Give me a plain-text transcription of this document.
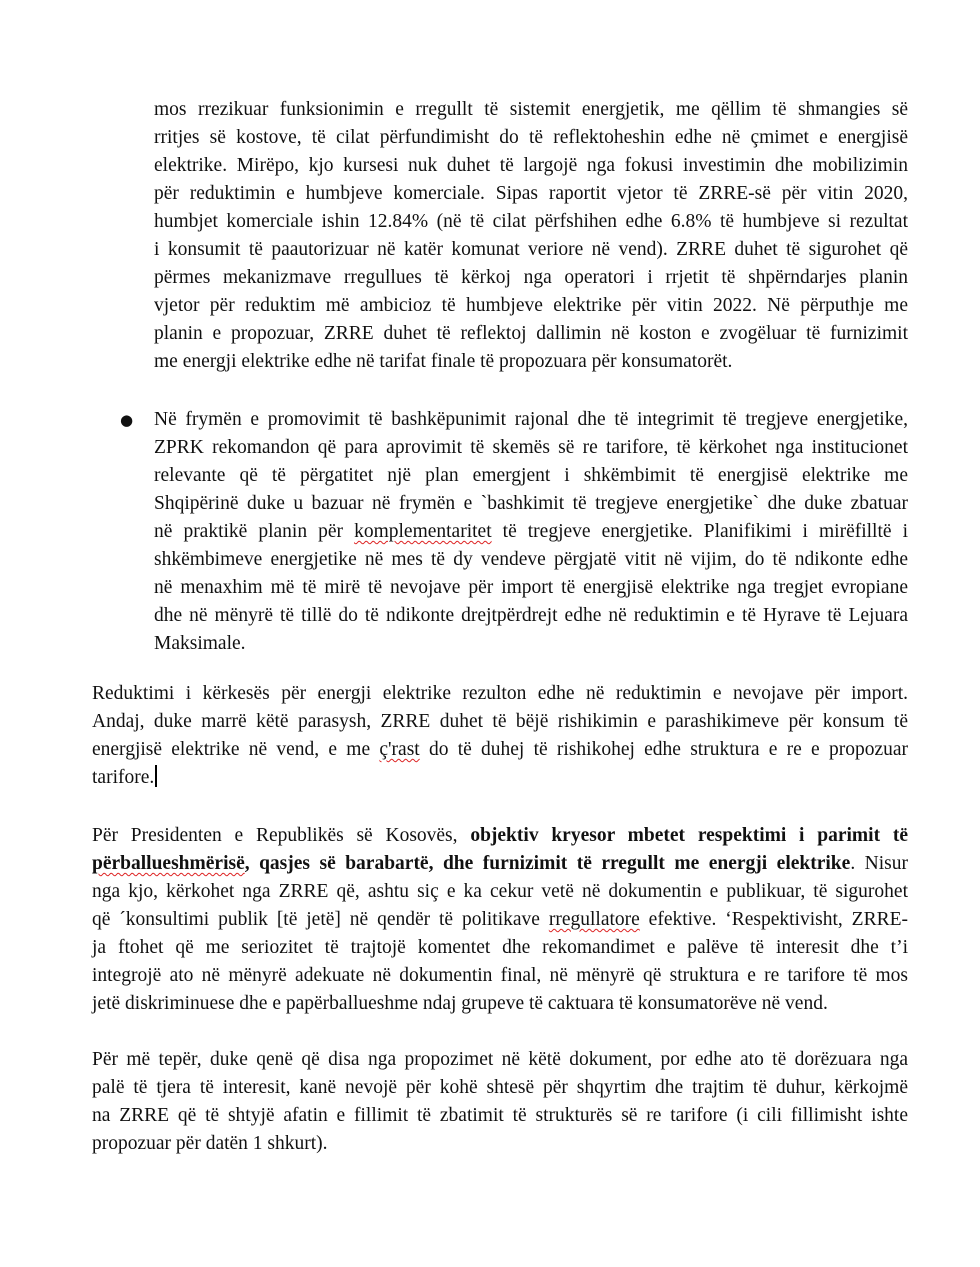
mos rrezikuar funksionimin e rregullt të sistemit energjetik, me qëllim të shmangies së
rritjes së kostove, të cilat përfundimisht do të reflektoheshin edhe në çmimet e energjisë
elektrike. Mirëpo, kjo kursesi nuk duhet të largojë nga fokusi investimin dhe mobilizimin
për reduktimin e humbjeve komerciale. Sipas raportit vjetor të ZRRE-së për vitin 2020,
humbjet komerciale ishin 12.84% (në të cilat përfshihen edhe 6.8% të humbjeve si rezultat
i konsumit të paautorizuar në katër komunat veriore në vend). ZRRE duhet të sigurohet që
përmes mekanizmave rregullues të kërkoj nga operatori i rrjetit të shpërndarjes planin
vjetor për reduktim më ambicioz të humbjeve elektrike për vitin 2022. Në përputhje me
planin e propozuar, ZRRE duhet të reflektoj dallimin në koston e zvogëluar të furnizimit
me energji elektrike edhe në tarifat finale të propozuara për konsumatorët.
● Në frymën e promovimit të bashkëpunimit rajonal dhe të integrimit të tregjeve energjetike,
ZPRK rekomandon që para aprovimit të skemës së re tarifore, të kërkohet nga institucionet
relevante që të përgatitet një plan emergjent i shkëmbimit të energjisë elektrike me
Shqipërinë duke u bazuar në frymën e `bashkimit të tregjeve energjetike` dhe duke zbatuar
në praktikë planin për komplementaritet të tregjeve energjetike. Planifikimi i mirëfilltë i
shkëmbimeve energjetike në mes të dy vendeve përgjatë vitit në vijim, do të ndikonte edhe
në menaxhim më të mirë të nevojave për import të energjisë elektrike nga tregjet evropiane
dhe në mënyrë të tillë do të ndikonte drejtpërdrejt edhe në reduktimin e të Hyrave të Lejuara
Maksimale.
Reduktimi i kërkesës për energji elektrike rezulton edhe në reduktimin e nevojave për import.
Andaj, duke marrë këtë parasysh, ZRRE duhet të bëjë rishikimin e parashikimeve për konsum të
energjisë elektrike në vend, e me ç'rast do të duhej të rishikohej edhe struktura e re e propozuar
tarifore.
Për Presidenten e Republikës së Kosovës, objektiv kryesor mbetet respektimi i parimit të
përballueshmërisë, qasjes së barabartë, dhe furnizimit të rregullt me energji elektrike. Nisur
nga kjo, kërkohet nga ZRRE që, ashtu siç e ka cekur vetë në dokumentin e publikuar, të sigurohet
që ´konsultimi publik [të jetë] në qendër të politikave rregullatore efektive. ‘Respektivisht, ZRRE-
ja ftohet që me seriozitet të trajtojë komentet dhe rekomandimet e palëve të interesit dhe t’i
integrojë ato në mënyrë adekuate në dokumentin final, në mënyrë që struktura e re tarifore të mos
jetë diskriminuese dhe e papërballueshme ndaj grupeve të caktuara të konsumatorëve në vend.
Për më tepër, duke qenë që disa nga propozimet në këtë dokument, por edhe ato të dorëzuara nga
palë të tjera të interesit, kanë nevojë për kohë shtesë për shqyrtim dhe trajtim të duhur, kërkojmë
na ZRRE që të shtyjë afatin e fillimit të zbatimit të strukturës së re tarifore (i cili fillimisht ishte
propozuar për datën 1 shkurt).
